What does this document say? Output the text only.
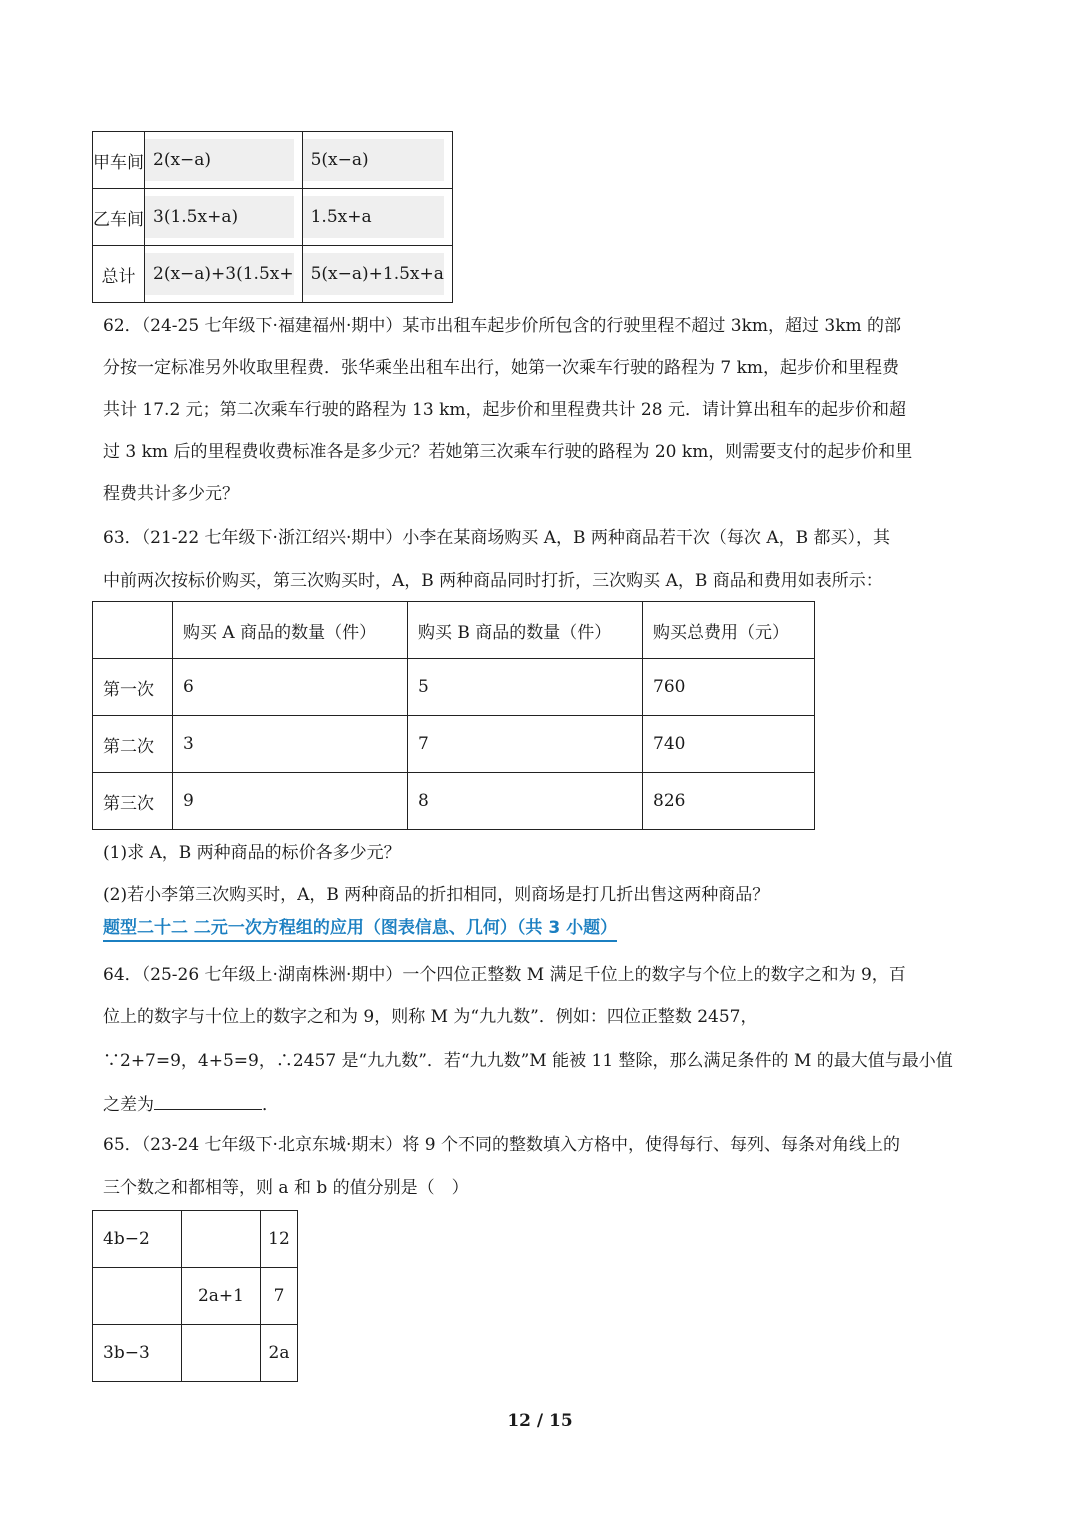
甲车间	2(x−a)	5(x−a)

乙车间	3(1.5x+a)	1.5x+a

总计	2(x−a)+3(1.5x+	5(x−a)+1.5x+a
62．（24-25 七年级下·福建福州·期中）某市出租车起步价所包含的行驶里程不超过 3km，超过 3km 的部
分按一定标准另外收取里程费．张华乘坐出租车出行，她第一次乘车行驶的路程为 7 km，起步价和里程费
共计 17.2 元；第二次乘车行驶的路程为 13 km，起步价和里程费共计 28 元．请计算出租车的起步价和超
过 3 km 后的里程费收费标准各是多少元？若她第三次乘车行驶的路程为 20 km，则需要支付的起步价和里
程费共计多少元？
63．（21-22 七年级下·浙江绍兴·期中）小李在某商场购买 A，B 两种商品若干次（每次 A，B 都买），其
中前两次按标价购买，第三次购买时，A，B 两种商品同时打折，三次购买 A，B 商品和费用如表所示：
	购买 A 商品的数量（件）	购买 B 商品的数量（件）	购买总费用（元）
第一次	6	5	760
第二次	3	7	740
第三次	9	8	826
(1)求 A，B 两种商品的标价各多少元？
(2)若小李第三次购买时，A，B 两种商品的折扣相同，则商场是打几折出售这两种商品？
题型二十二 二元一次方程组的应用（图表信息、几何）（共 3 小题）
64．（25-26 七年级上·湖南株洲·期中）一个四位正整数 M 满足千位上的数字与个位上的数字之和为 9，百
位上的数字与十位上的数字之和为 9，则称 M 为“九九数”．例如：四位正整数 2457，
∵2+7=9，4+5=9，∴2457 是“九九数”．若“九九数”M 能被 11 整除，那么满足条件的 M 的最大值与最小值
之差为	．
65．（23-24 七年级下·北京东城·期末）将 9 个不同的整数填入方格中，使得每行、每列、每条对角线上的
三个数之和都相等，则 a 和 b 的值分别是（　）
4b−2		12
	2a+1	7
3b−3		2a
12 / 15
